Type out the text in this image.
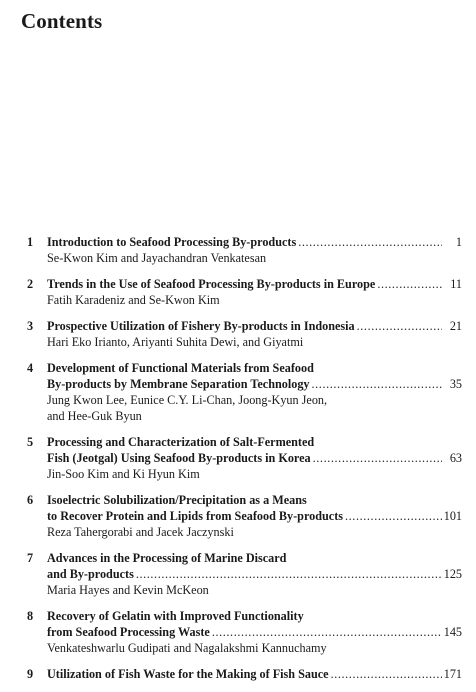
Contents
1	Introduction to Seafood Processing By-products .....	1
Se-Kwon Kim and Jayachandran Venkatesan
2	Trends in the Use of Seafood Processing By-products in Europe .....	11
Fatih Karadeniz and Se-Kwon Kim
3	Prospective Utilization of Fishery By-products in Indonesia .....	21
Hari Eko Irianto, Ariyanti Suhita Dewi, and Giyatmi
4	Development of Functional Materials from Seafood
By-products by Membrane Separation Technology .....	35
Jung Kwon Lee, Eunice C.Y. Li-Chan, Joong-Kyun Jeon,
and Hee-Guk Byun
5	Processing and Characterization of Salt-Fermented
Fish (Jeotgal) Using Seafood By-products in Korea .....	63
Jin-Soo Kim and Ki Hyun Kim
6	Isoelectric Solubilization/Precipitation as a Means
to Recover Protein and Lipids from Seafood By-products .....	101
Reza Tahergorabi and Jacek Jaczynski
7	Advances in the Processing of Marine Discard
and By-products .....	125
Maria Hayes and Kevin McKeon
8	Recovery of Gelatin with Improved Functionality
from Seafood Processing Waste .....	145
Venkateshwarlu Gudipati and Nagalakshmi Kannuchamy
9	Utilization of Fish Waste for the Making of Fish Sauce .....	171
